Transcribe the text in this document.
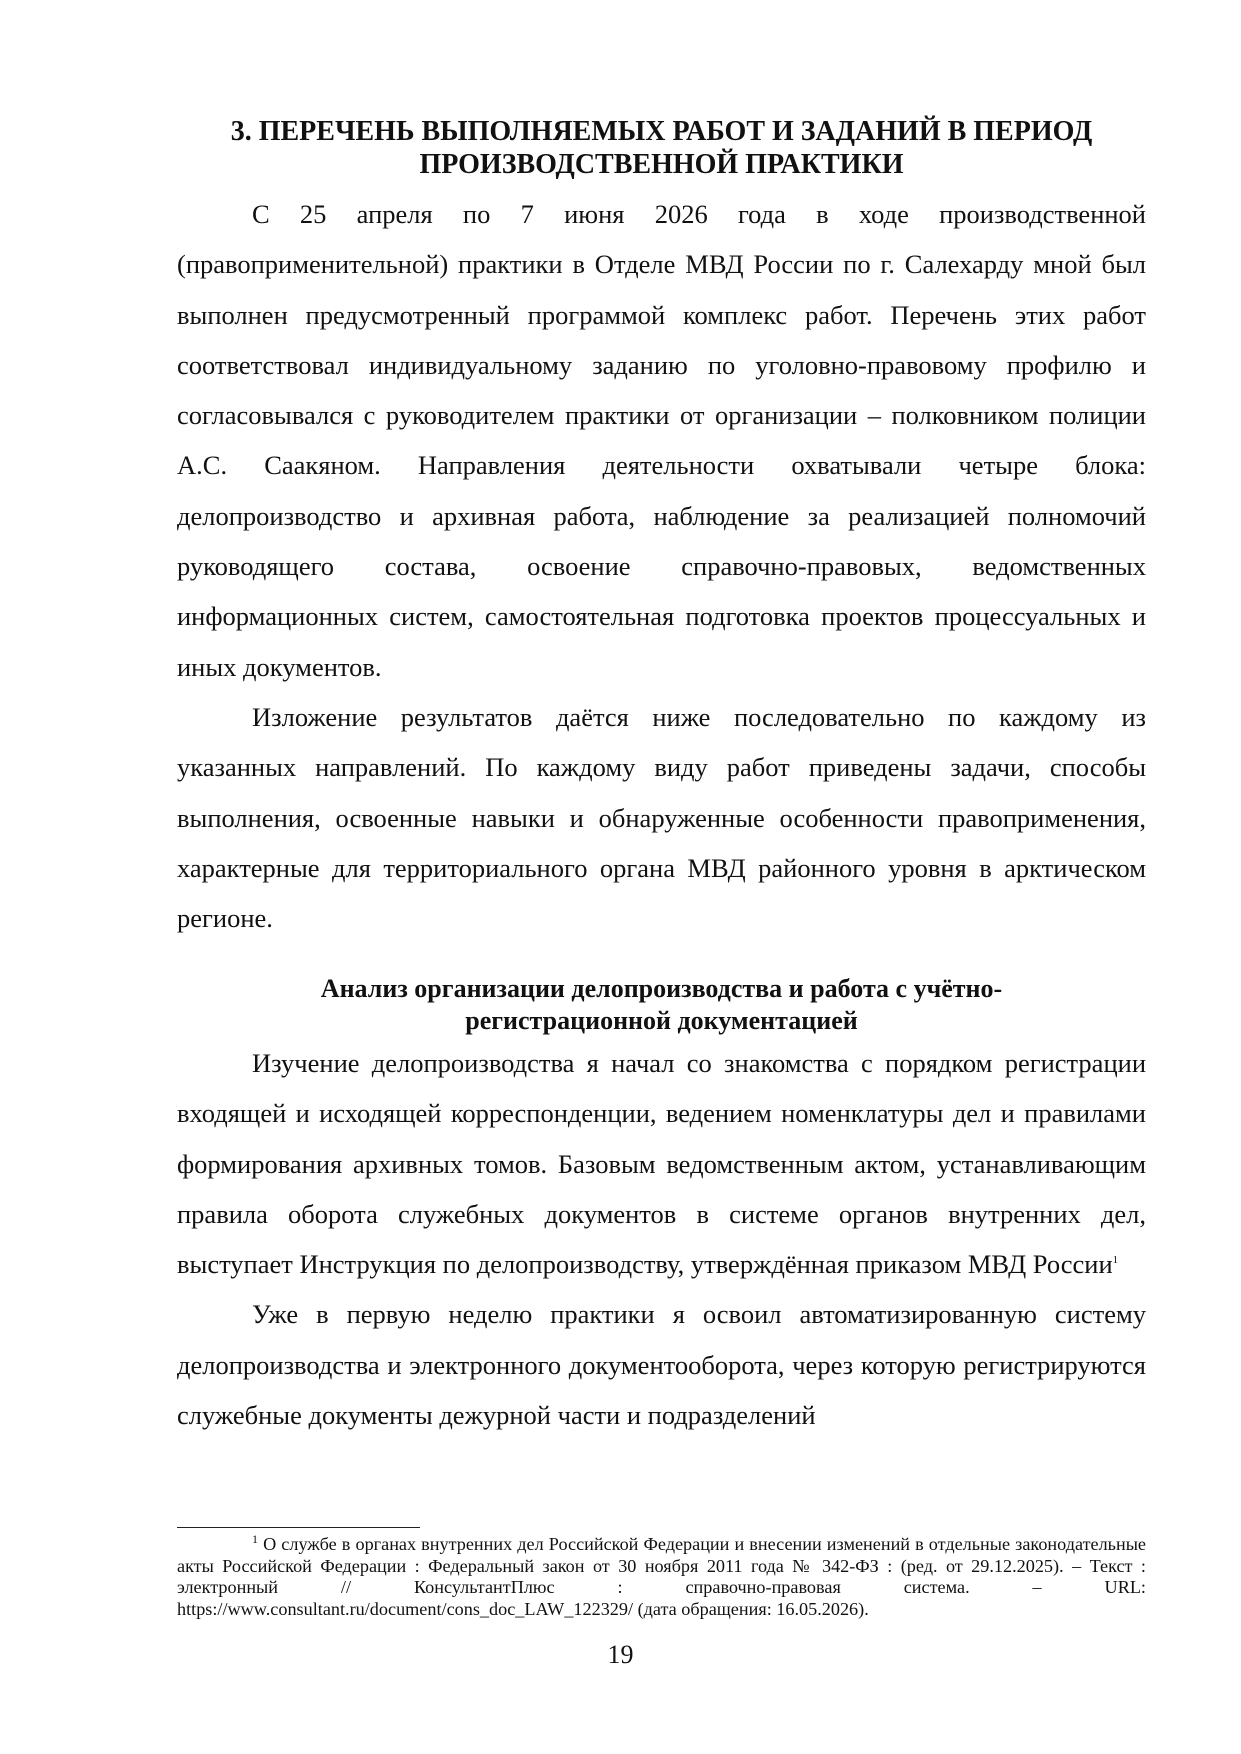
3. ПЕРЕЧЕНЬ ВЫПОЛНЯЕМЫХ РАБОТ И ЗАДАНИЙ В ПЕРИОД
ПРОИЗВОДСТВЕННОЙ ПРАКТИКИ

С 25 апреля по 7 июня 2026 года в ходе производственной (правоприменительной) практики в Отделе МВД России по г. Салехарду мной был выполнен предусмотренный программой комплекс работ. Перечень этих работ соответствовал индивидуальному заданию по уголовно-правовому профилю и согласовывался с руководителем практики от организации – полковником полиции А.С. Саакяном. Направления деятельности охватывали четыре блока: делопроизводство и архивная работа, наблюдение за реализацией полномочий руководящего состава, освоение справочно-правовых, ведомственных информационных систем, самостоятельная подготовка проектов процессуальных и иных документов.

Изложение результатов даётся ниже последовательно по каждому из указанных направлений. По каждому виду работ приведены задачи, способы выполнения, освоенные навыки и обнаруженные особенности правоприменения, характерные для территориального органа МВД районного уровня в арктическом регионе.

Анализ организации делопроизводства и работа с учётно-
регистрационной документацией

Изучение делопроизводства я начал со знакомства с порядком регистрации входящей и исходящей корреспонденции, ведением номенклатуры дел и правилами формирования архивных томов. Базовым ведомственным актом, устанавливающим правила оборота служебных документов в системе органов внутренних дел, выступает Инструкция по делопроизводству, утверждённая приказом МВД России$^1$

Уже в первую неделю практики я освоил автоматизированную систему делопроизводства и электронного документооборота, через которую регистрируются служебные документы дежурной части и подразделений

$^1$ О службе в органах внутренних дел Российской Федерации и внесении изменений в отдельные законодательные акты Российской Федерации : Федеральный закон от 30 ноября 2011 года № 342-ФЗ : (ред. от 29.12.2025). – Текст : электронный // КонсультантПлюс : справочно-правовая система. – URL: https://www.consultant.ru/document/cons_doc_LAW_122329/ (дата обращения: 16.05.2026).

19
